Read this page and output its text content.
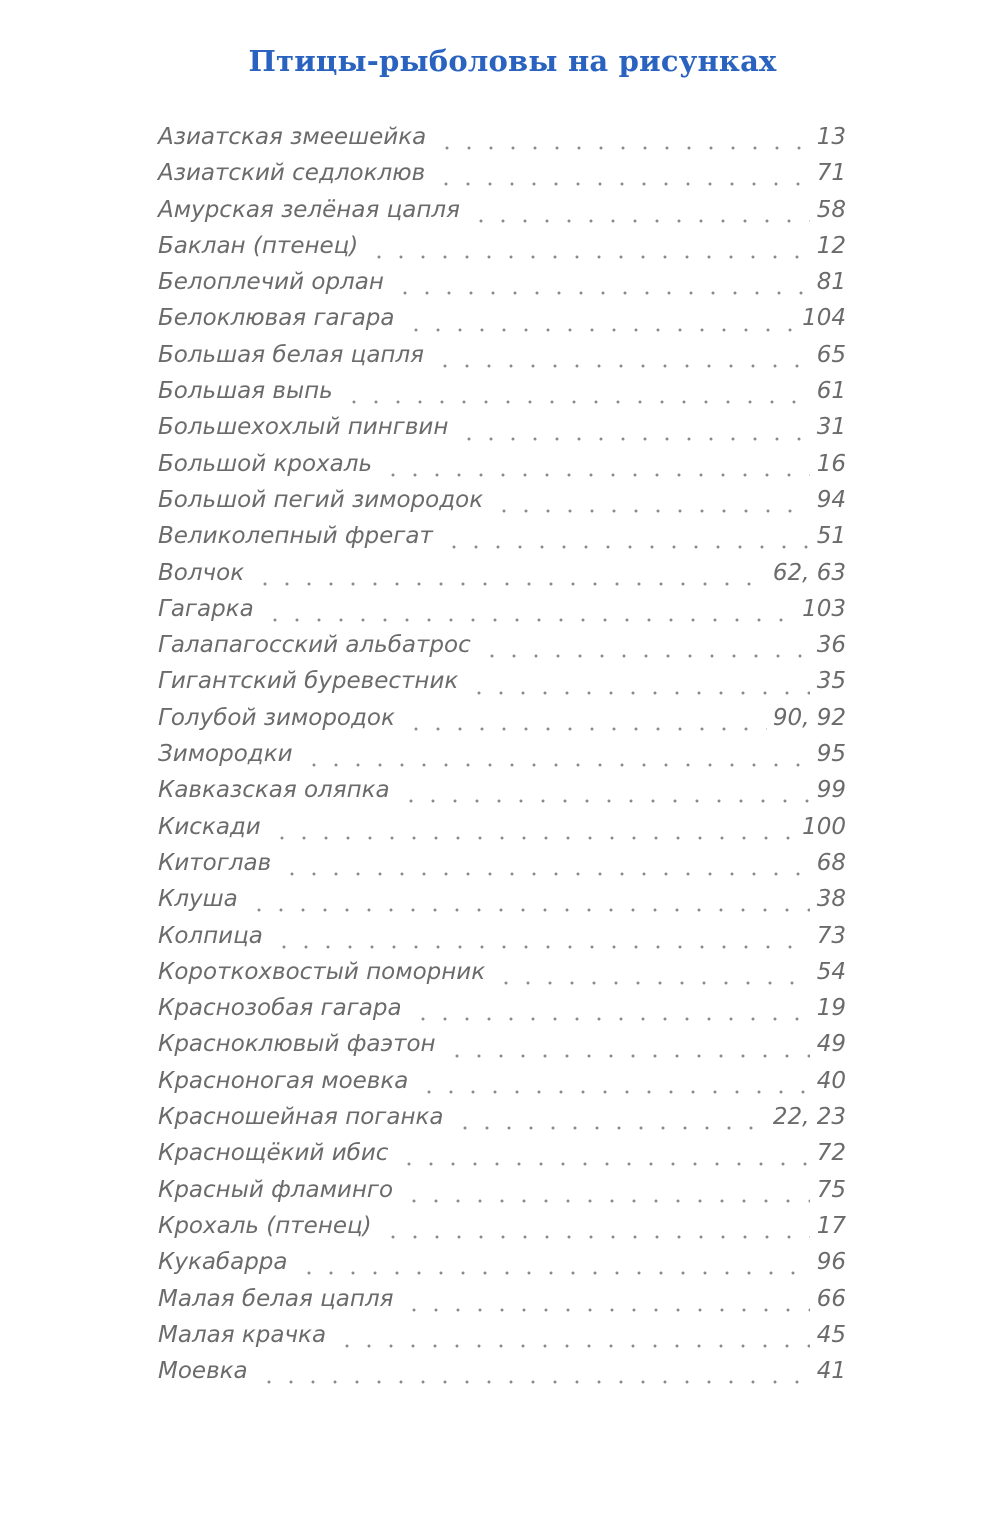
Птицы-рыболовы на рисунках
Азиатская змеешейка	13
Азиатский седлоклюв	71
Амурская зелёная цапля	58
Баклан (птенец)	12
Белоплечий орлан	81
Белоклювая гагара	104
Большая белая цапля	65
Большая выпь	61
Большехохлый пингвин	31
Большой крохаль	16
Большой пегий зимородок	94
Великолепный фрегат	51
Волчок	62, 63
Гагарка	103
Галапагосский альбатрос	36
Гигантский буревестник	35
Голубой зимородок	90, 92
Зимородки	95
Кавказская оляпка	99
Кискади	100
Китоглав	68
Клуша	38
Колпица	73
Короткохвостый поморник	54
Краснозобая гагара	19
Красноклювый фаэтон	49
Красноногая моевка	40
Красношейная поганка	22, 23
Краснощёкий ибис	72
Красный фламинго	75
Крохаль (птенец)	17
Кукабарра	96
Малая белая цапля	66
Малая крачка	45
Моевка	41
